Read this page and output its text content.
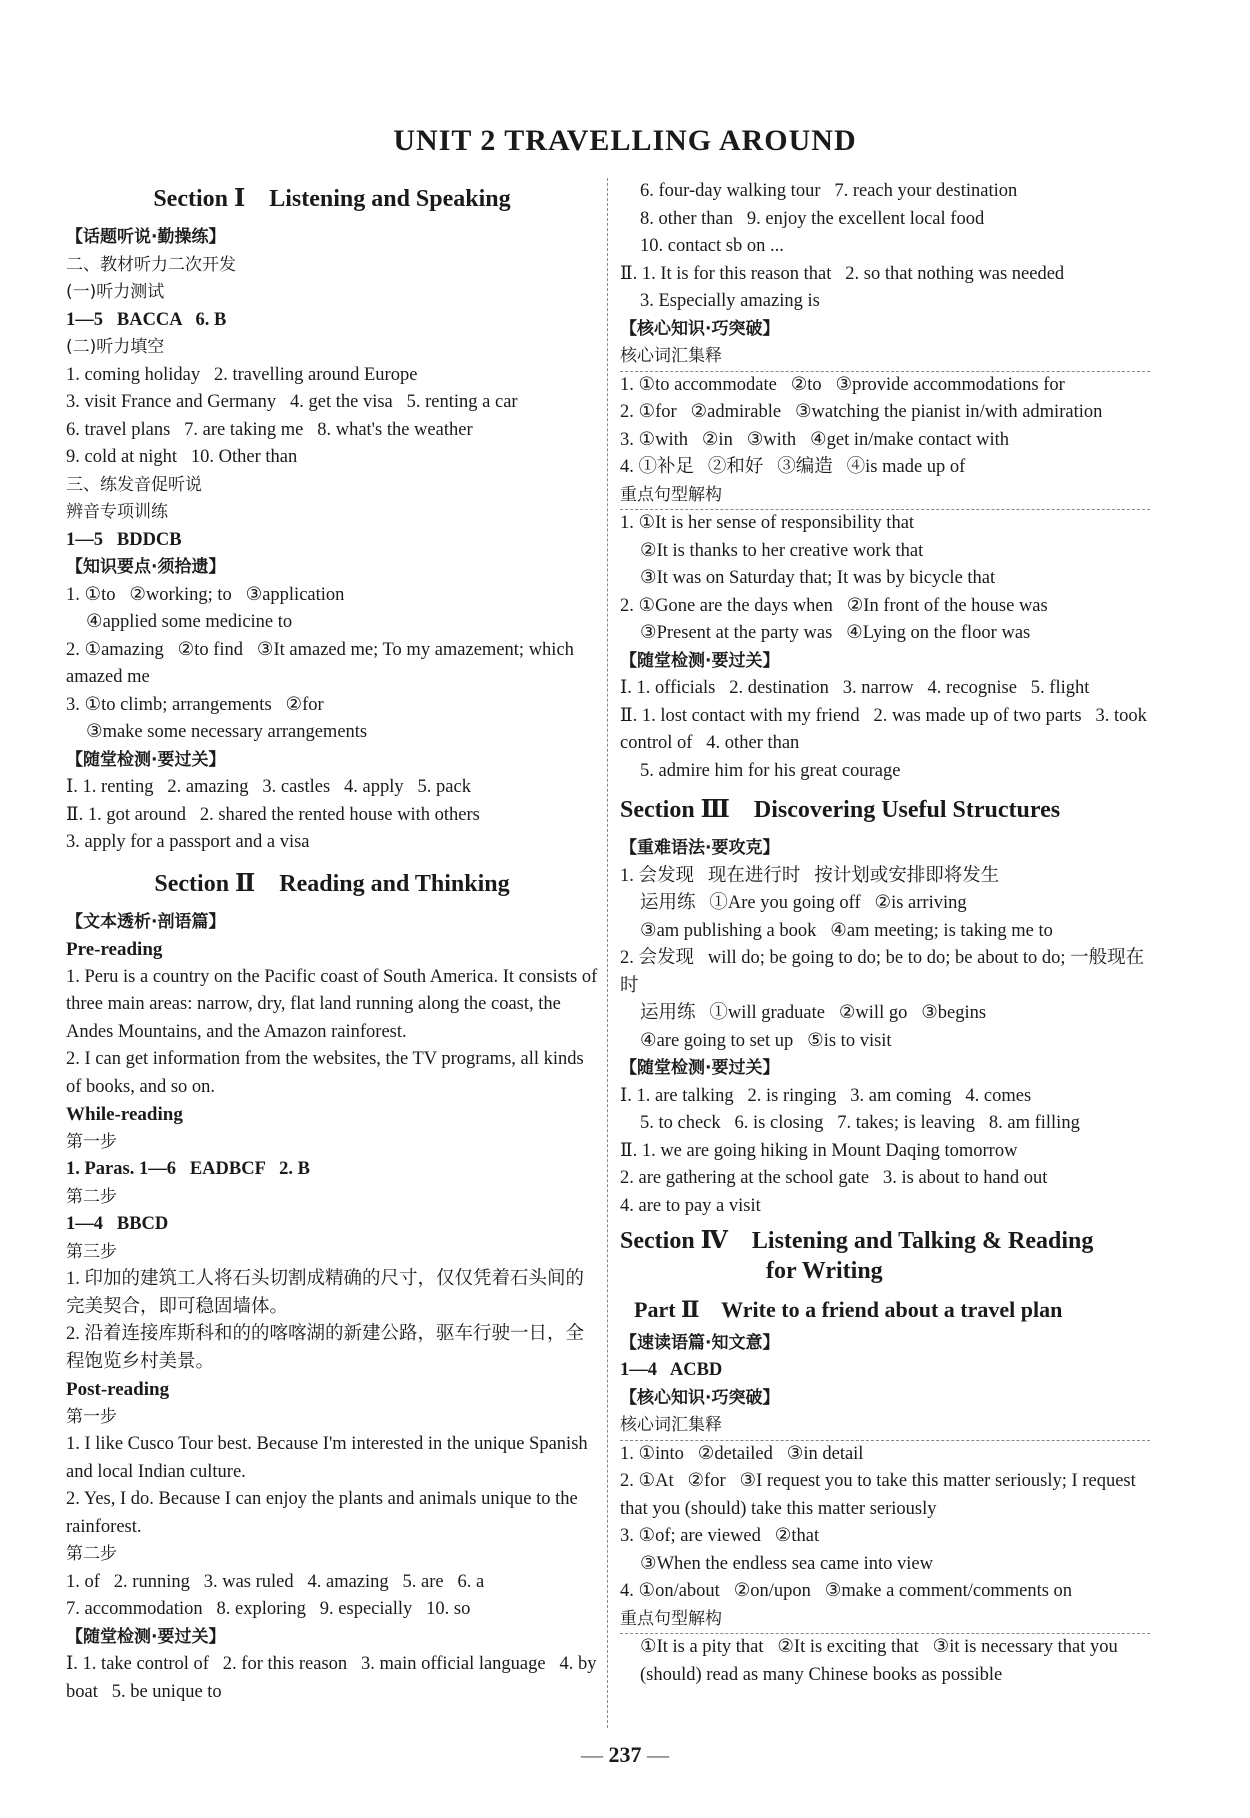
UNIT 2 TRAVELLING AROUND
Section Ⅰ    Listening and Speaking
【话题听说·勤操练】
二、教材听力二次开发
(一)听力测试
1—5   BACCA   6. B
(二)听力填空
1. coming holiday   2. travelling around Europe
3. visit France and Germany   4. get the visa   5. renting a car
6. travel plans   7. are taking me   8. what's the weather
9. cold at night   10. Other than
三、练发音促听说
辨音专项训练
1—5   BDDCB
【知识要点·须拾遗】
1. ①to   ②working; to   ③application
④applied some medicine to
2. ①amazing   ②to find   ③It amazed me; To my amazement; which amazed me
3. ①to climb; arrangements   ②for
③make some necessary arrangements
【随堂检测·要过关】
Ⅰ. 1. renting   2. amazing   3. castles   4. apply   5. pack
Ⅱ. 1. got around   2. shared the rented house with others
3. apply for a passport and a visa
Section Ⅱ    Reading and Thinking
【文本透析·剖语篇】
Pre-reading
1. Peru is a country on the Pacific coast of South America. It consists of three main areas: narrow, dry, flat land running along the coast, the Andes Mountains, and the Amazon rainforest.
2. I can get information from the websites, the TV programs, all kinds of books, and so on.
While-reading
第一步
1. Paras. 1—6   EADBCF   2. B
第二步
1—4   BBCD
第三步
1. 印加的建筑工人将石头切割成精确的尺寸，仅仅凭着石头间的完美契合，即可稳固墙体。
2. 沿着连接库斯科和的的喀喀湖的新建公路，驱车行驶一日，全程饱览乡村美景。
Post-reading
第一步
1. I like Cusco Tour best. Because I'm interested in the unique Spanish and local Indian culture.
2. Yes, I do. Because I can enjoy the plants and animals unique to the rainforest.
第二步
1. of   2. running   3. was ruled   4. amazing   5. are   6. a
7. accommodation   8. exploring   9. especially   10. so
【随堂检测·要过关】
Ⅰ. 1. take control of   2. for this reason   3. main official language   4. by boat   5. be unique to
6. four-day walking tour   7. reach your destination
8. other than   9. enjoy the excellent local food
10. contact sb on ...
Ⅱ. 1. It is for this reason that   2. so that nothing was needed
3. Especially amazing is
【核心知识·巧突破】
核心词汇集释
1. ①to accommodate   ②to   ③provide accommodations for
2. ①for   ②admirable   ③watching the pianist in/with admiration
3. ①with   ②in   ③with   ④get in/make contact with
4. ①补足   ②和好   ③编造   ④is made up of
重点句型解构
1. ①It is her sense of responsibility that
②It is thanks to her creative work that
③It was on Saturday that; It was by bicycle that
2. ①Gone are the days when   ②In front of the house was
③Present at the party was   ④Lying on the floor was
【随堂检测·要过关】
Ⅰ. 1. officials   2. destination   3. narrow   4. recognise   5. flight
Ⅱ. 1. lost contact with my friend   2. was made up of two parts   3. took control of   4. other than
5. admire him for his great courage
Section Ⅲ    Discovering Useful Structures
【重难语法·要攻克】
1. 会发现   现在进行时   按计划或安排即将发生
运用练   ①Are you going off   ②is arriving
③am publishing a book   ④am meeting; is taking me to
2. 会发现   will do; be going to do; be to do; be about to do; 一般现在时
运用练   ①will graduate   ②will go   ③begins
④are going to set up   ⑤is to visit
【随堂检测·要过关】
Ⅰ. 1. are talking   2. is ringing   3. am coming   4. comes
5. to check   6. is closing   7. takes; is leaving   8. am filling
Ⅱ. 1. we are going hiking in Mount Daqing tomorrow
2. are gathering at the school gate   3. is about to hand out
4. are to pay a visit
Section Ⅳ    Listening and Talking & Reading
for Writing
Part Ⅱ    Write to a friend about a travel plan
【速读语篇·知文意】
1—4   ACBD
【核心知识·巧突破】
核心词汇集释
1. ①into   ②detailed   ③in detail
2. ①At   ②for   ③I request you to take this matter seriously; I request that you (should) take this matter seriously
3. ①of; are viewed   ②that
③When the endless sea came into view
4. ①on/about   ②on/upon   ③make a comment/comments on
重点句型解构
①It is a pity that   ②It is exciting that   ③it is necessary that you (should) read as many Chinese books as possible
— 237 —
